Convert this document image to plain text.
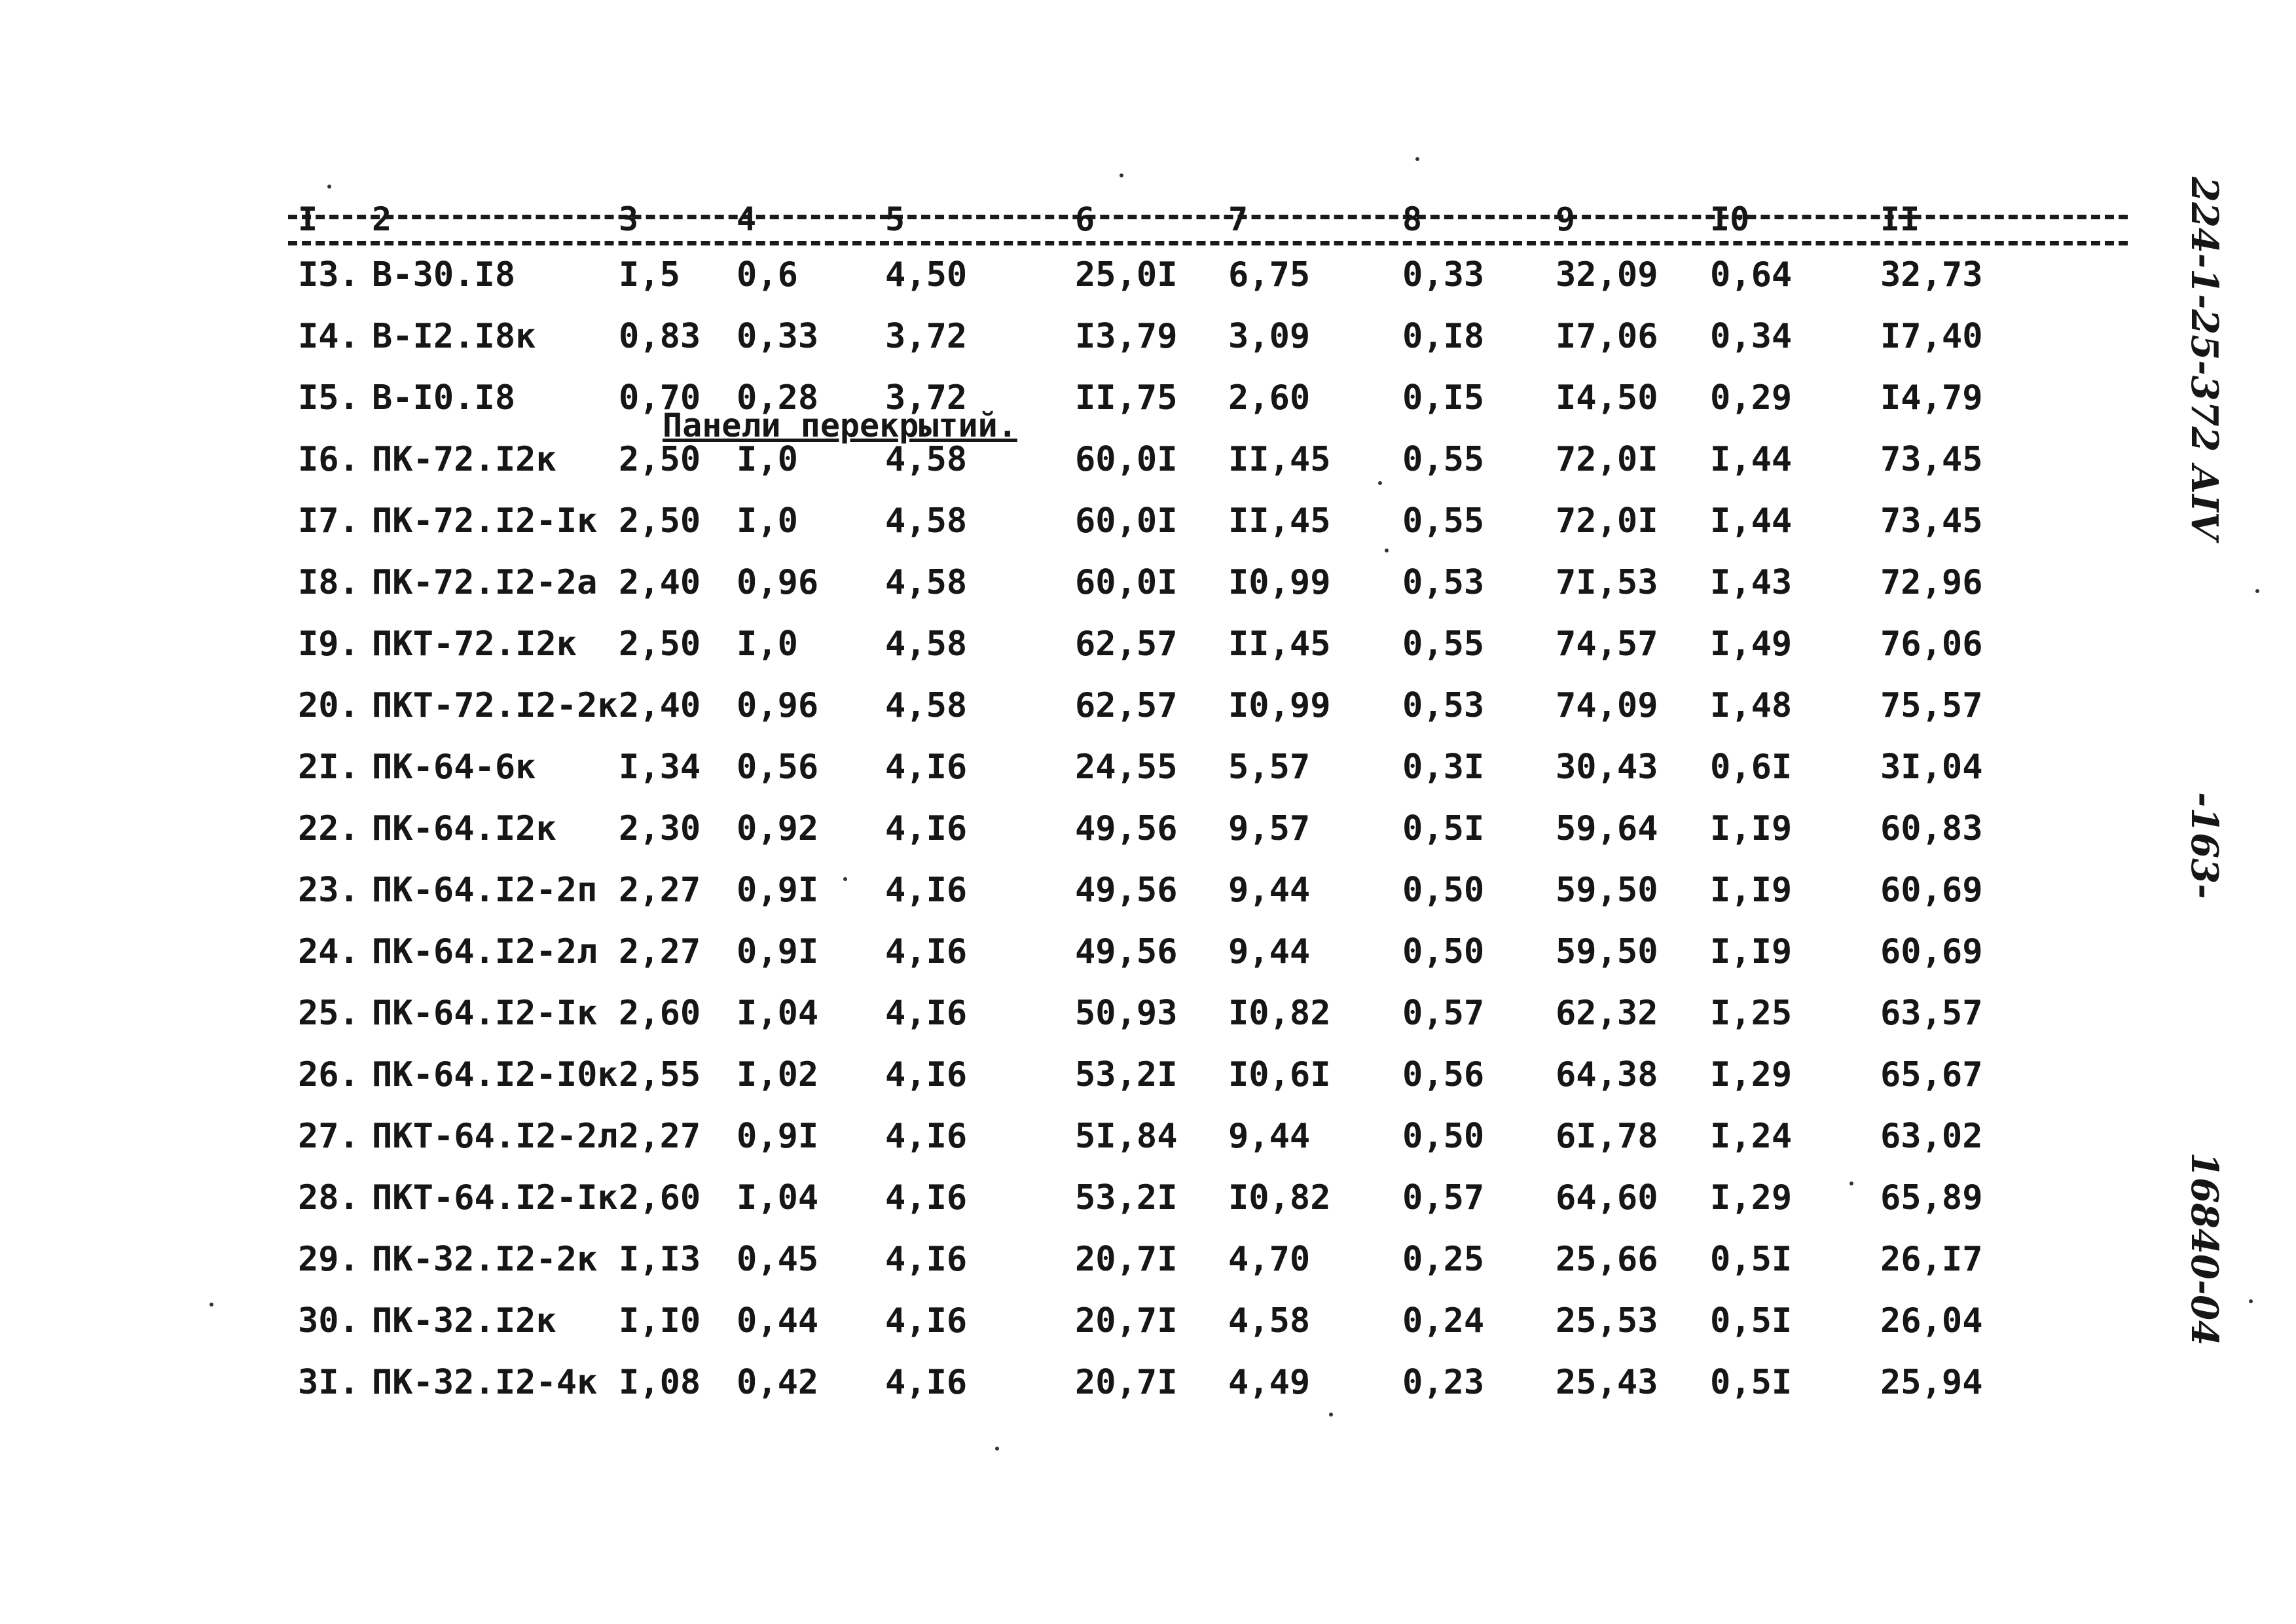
I 2	3	4	5	6	7	8	9	I0	II
I3. В-30.I8	I,5 0,6	4,50	25,0I 6,75	0,33 32,09 0,64	32,73
I4. В-I2.I8к 0,83 0,33 3,72	I3,79 3,09	0,I8 I7,06 0,34	I7,40
I5. В-I0.I8	0,70 0,28 3,72	II,75 2,60	0,I5 I4,50 0,29	I4,79
I6. ПК-72.I2к 2,50 I,0	4,58	60,0I II,45 0,55 72,0I I,44	73,45
I7. ПК-72.I2-Iк 2,50 I,0	4,58	60,0I II,45 0,55 72,0I I,44	73,45
I8. ПК-72.I2-2а 2,40 0,96 4,58	60,0I I0,99 0,53 7I,53 I,43	72,96
I9. ПКТ-72.I2к 2,50 I,0	4,58	62,57 II,45 0,55 74,57 I,49	76,06
20. ПКТ-72.I2-2к 2,40 0,96 4,58	62,57 I0,99 0,53 74,09 I,48	75,57
2I. ПК-64-6к I,34 0,56 4,I6	24,55 5,57	0,3I 30,43 0,6I	3I,04
22. ПК-64.I2к 2,30 0,92 4,I6	49,56 9,57	0,5I 59,64 I,I9	60,83
23. ПК-64.I2-2п 2,27 0,9I 4,I6	49,56 9,44	0,50 59,50 I,I9	60,69
24. ПК-64.I2-2л 2,27 0,9I 4,I6	49,56 9,44	0,50 59,50 I,I9	60,69
25. ПК-64.I2-Iк 2,60 I,04 4,I6	50,93 I0,82 0,57 62,32 I,25	63,57
26. ПК-64.I2-I0к 2,55 I,02 4,I6	53,2I I0,6I 0,56 64,38 I,29	65,67
27. ПКТ-64.I2-2л 2,27 0,9I 4,I6	5I,84 9,44	0,50 6I,78 I,24	63,02
28. ПКТ-64.I2-Iк 2,60 I,04 4,I6	53,2I I0,82 0,57 64,60 I,29	65,89
29. ПК-32.I2-2к I,I3 0,45 4,I6	20,7I 4,70	0,25 25,66 0,5I	26,I7
30. ПК-32.I2к I,I0 0,44 4,I6	20,7I 4,58	0,24 25,53 0,5I	26,04
3I. ПК-32.I2-4к I,08 0,42 4,I6	20,7I 4,49	0,23 25,43 0,5I	25,94
Панели перекрытий.	224-1-25-372 АIV
-163-
16840-04
